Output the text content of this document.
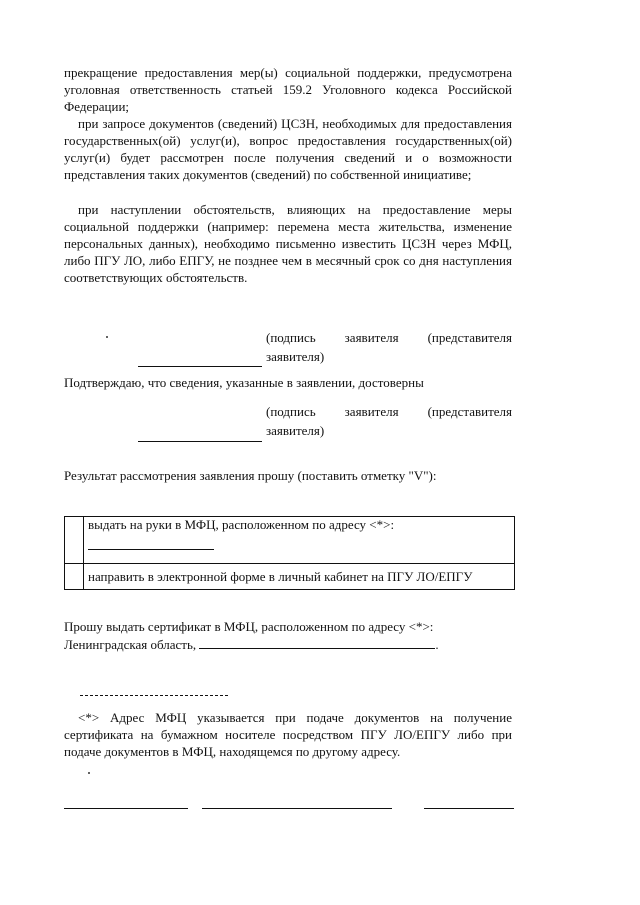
прекращение предоставления мер(ы) социальной поддержки, предусмотрена уголовная ответственность статьей 159.2 Уголовного кодекса Российской Федерации;

при запросе документов (сведений) ЦСЗН, необходимых для предоставления государственных(ой) услуг(и), вопрос предоставления государственных(ой) услуг(и) будет рассмотрен после получения сведений и о возможности представления таких документов (сведений) по собственной инициативе;

при наступлении обстоятельств, влияющих на предоставление меры социальной поддержки (например: перемена места жительства, изменение персональных данных), необходимо письменно известить ЦСЗН через МФЦ, либо ПГУ ЛО, либо ЕПГУ, не позднее чем в месячный срок со дня наступления соответствующих обстоятельств.

(подпись заявителя (представителя
заявителя)

Подтверждаю, что сведения, указанные в заявлении, достоверны

(подпись заявителя (представителя
заявителя)

Результат рассмотрения заявления прошу (поставить отметку "V"):

	выдать на руки в МФЦ, расположенном по адресу <*>:

	направить в электронной форме в личный кабинет на ПГУ ЛО/ЕПГУ

Прошу выдать сертификат в МФЦ, расположенном по адресу <*>:

Ленинградская область,	.

<*> Адрес МФЦ указывается при подаче документов на получение сертификата на бумажном носителе посредством ПГУ ЛО/ЕПГУ либо при подаче документов в МФЦ, находящемся по другому адресу.
